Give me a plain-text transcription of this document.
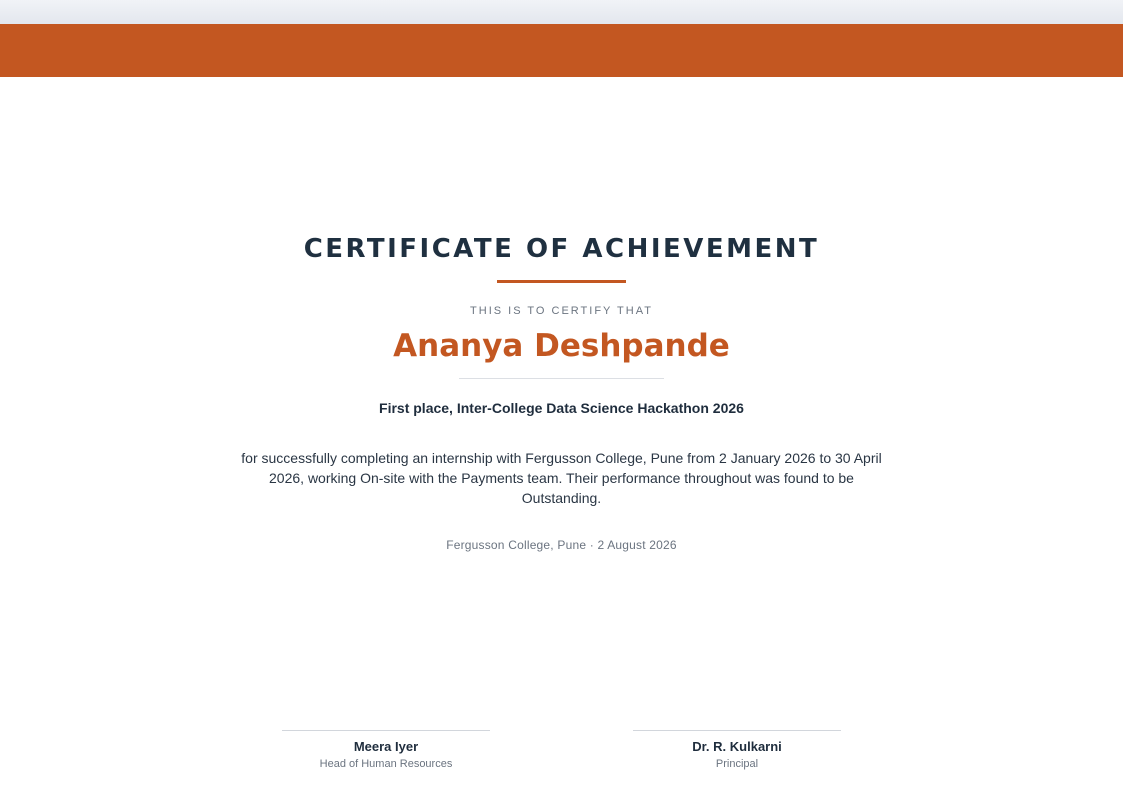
CERTIFICATE OF ACHIEVEMENT
THIS IS TO CERTIFY THAT
Ananya Deshpande
First place, Inter-College Data Science Hackathon 2026
for successfully completing an internship with Fergusson College, Pune from 2 January 2026 to 30 April 2026, working On-site with the Payments team. Their performance throughout was found to be Outstanding.
Fergusson College, Pune · 2 August 2026
Meera Iyer
Head of Human Resources
Dr. R. Kulkarni
Principal
